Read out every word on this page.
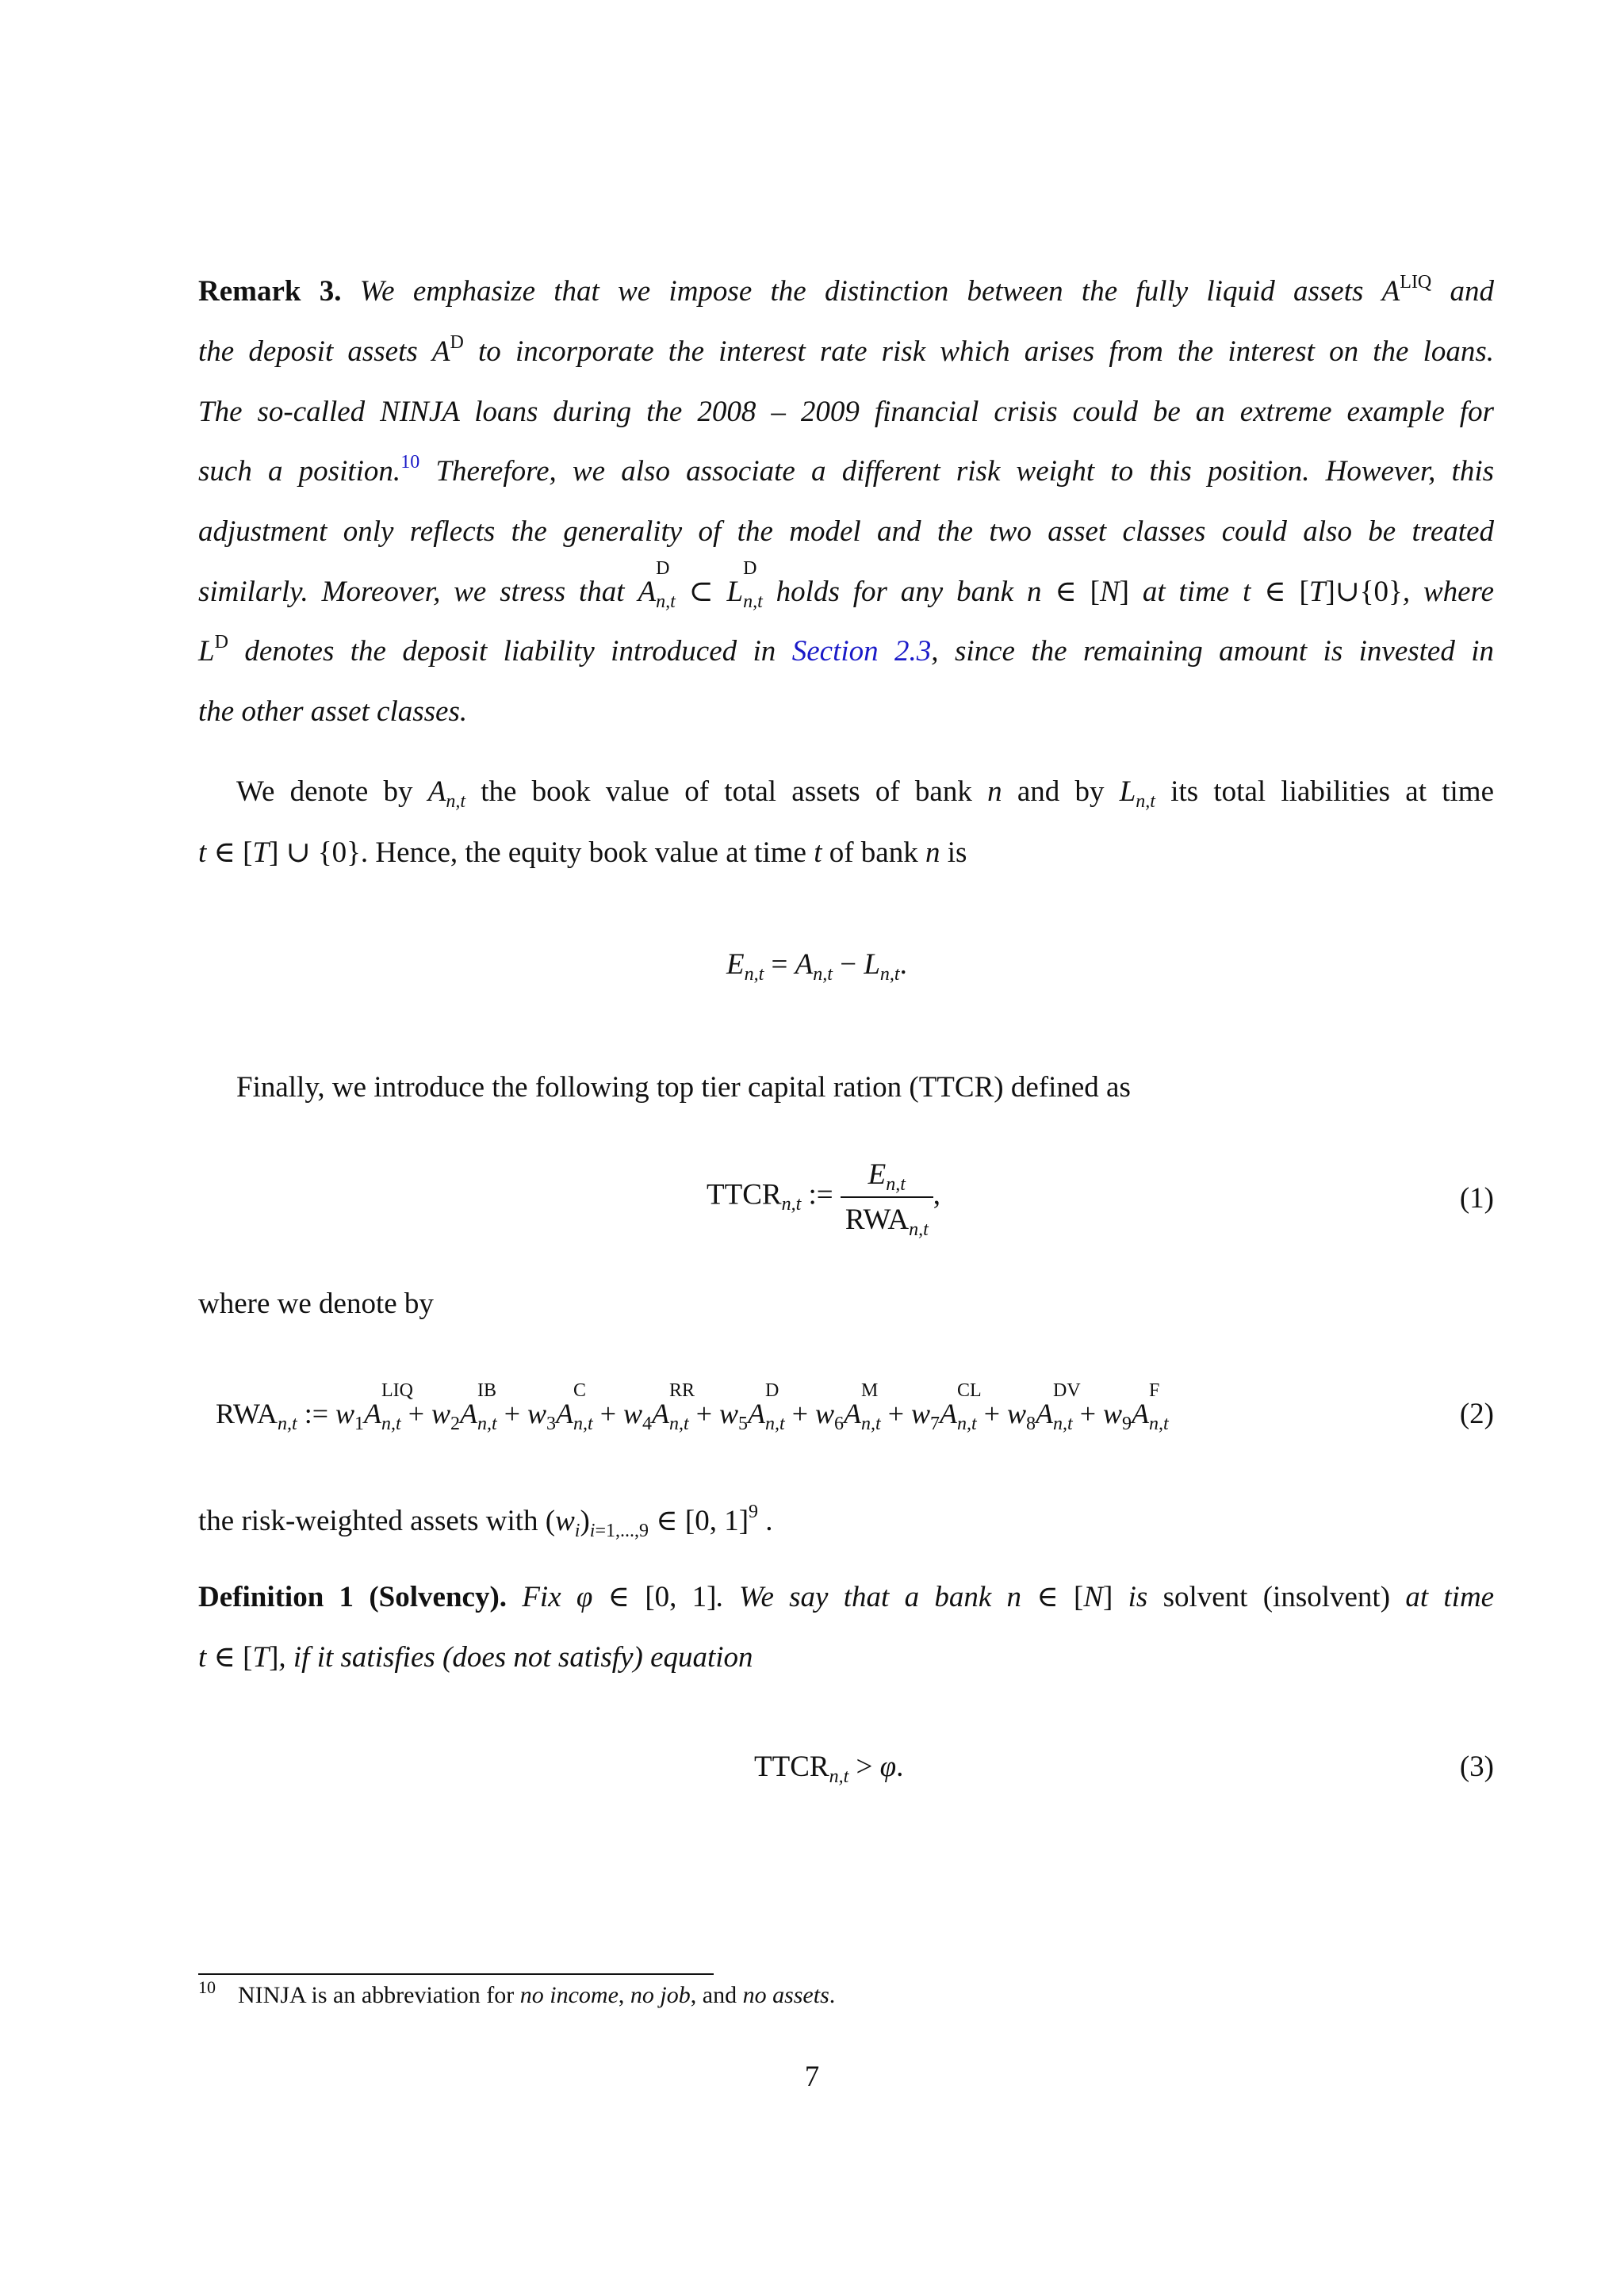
Remark 3. We emphasize that we impose the distinction between the fully liquid assets $A^{LIQ}$ and
the deposit assets $A^D$ to incorporate the interest rate risk which arises from the interest on the loans.
The so-called NINJA loans during the 2008 – 2009 financial crisis could be an extreme example for
such a position.$^{10}$ Therefore, we also associate a different risk weight to this position. However, this
adjustment only reflects the generality of the model and the two asset classes could also be treated
similarly. Moreover, we stress that A
D
n,t ⊂ L
D
n,t holds for any bank n ∈ [N] at time t ∈ [T]∪{0}, where
$L^D$ denotes the deposit liability introduced in Section 2.3, since the remaining amount is invested in
the other asset classes.
We denote by $A_{n,t}$ the book value of total assets of bank n and by $L_{n,t}$ its total liabilities at time
t ∈ [T] ∪ {0}. Hence, the equity book value at time t of bank n is
$E_{n,t} = A_{n,t} - L_{n,t}$.
Finally, we introduce the following top tier capital ration (TTCR) defined as
$TTCR_{n,t}$ := $\frac{E_{n,t}}{RWA_{n,t}}$ ,	(1)
where we denote by
$RWA_{n,t}$ := $w_1A$
LIQ
$n,t + w_2A$
IB
$n,t + w_3A$
C
$n,t + w_4A$
RR
$n,t + w_5A$
D
$n,t + w_6A$
M
$n,t + w_7A$
CL
$n,t + w_8A$
DV
$n,t + w_9A$
F
n,t	(2)
the risk-weighted assets with $(w_i)_{i=1,...,9}$ ∈ [0, 1]$^9$ .
Definition 1 (Solvency). Fix φ ∈ [0, 1]. We say that a bank n ∈ [N] is solvent (insolvent) at time
t ∈ [T], if it satisfies (does not satisfy) equation
$TTCR_{n,t} > \varphi$.	(3)
$^{10}$ NINJA is an abbreviation for no income, no job, and no assets.
7
